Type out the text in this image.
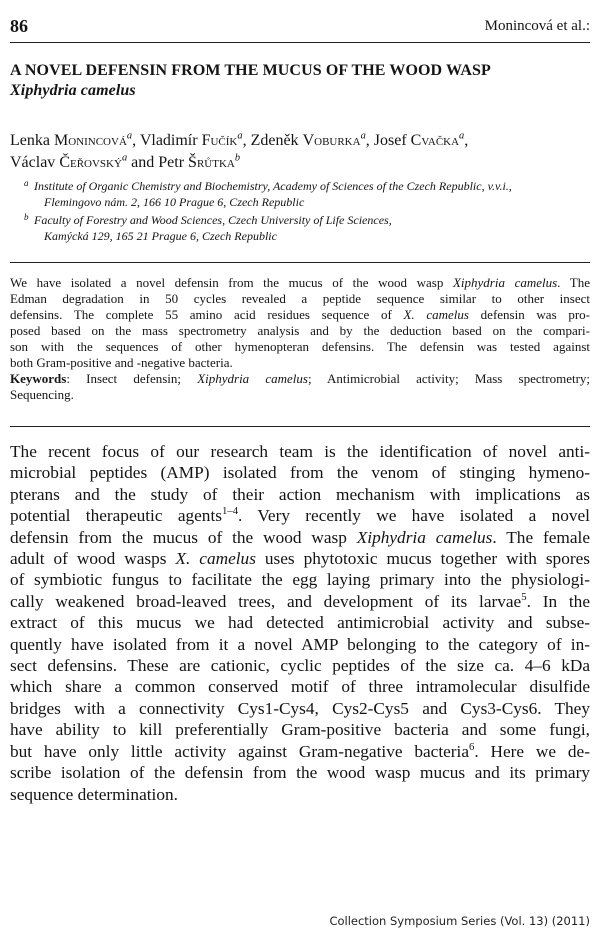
86	Monincová et al.:
A NOVEL DEFENSIN FROM THE MUCUS OF THE WOOD WASP
Xiphydria camelus
Lenka Monincová$^a$, Vladimír Fučík$^a$, Zdeněk Voburka$^a$, Josef Cvačka$^a$,
Václav Čeřovský$^a$ and Petr Šrůtka$^b$
a Institute of Organic Chemistry and Biochemistry, Academy of Sciences of the Czech Republic, v.v.i.,
Flemingovo nám. 2, 166 10 Prague 6, Czech Republic
b Faculty of Forestry and Wood Sciences, Czech University of Life Sciences,
Kamýcká 129, 165 21 Prague 6, Czech Republic
We have isolated a novel defensin from the mucus of the wood wasp Xiphydria camelus. The
Edman degradation in 50 cycles revealed a peptide sequence similar to other insect
defensins. The complete 55 amino acid residues sequence of X. camelus defensin was pro-
posed based on the mass spectrometry analysis and by the deduction based on the compari-
son with the sequences of other hymenopteran defensins. The defensin was tested against
both Gram-positive and -negative bacteria.
Keywords: Insect defensin; Xiphydria camelus; Antimicrobial activity; Mass spectrometry;
Sequencing.
The recent focus of our research team is the identification of novel anti-
microbial peptides (AMP) isolated from the venom of stinging hymeno-
pterans and the study of their action mechanism with implications as
potential therapeutic agents$^{1-4}$. Very recently we have isolated a novel
defensin from the mucus of the wood wasp Xiphydria camelus. The female
adult of wood wasps X. camelus uses phytotoxic mucus together with spores
of symbiotic fungus to facilitate the egg laying primary into the physiologi-
cally weakened broad-leaved trees, and development of its larvae$^5$. In the
extract of this mucus we had detected antimicrobial activity and subse-
quently have isolated from it a novel AMP belonging to the category of in-
sect defensins. These are cationic, cyclic peptides of the size ca. 4–6 kDa
which share a common conserved motif of three intramolecular disulfide
bridges with a connectivity Cys1-Cys4, Cys2-Cys5 and Cys3-Cys6. They
have ability to kill preferentially Gram-positive bacteria and some fungi,
but have only little activity against Gram-negative bacteria$^6$. Here we de-
scribe isolation of the defensin from the wood wasp mucus and its primary
sequence determination.
Collection Symposium Series (Vol. 13) (2011)
